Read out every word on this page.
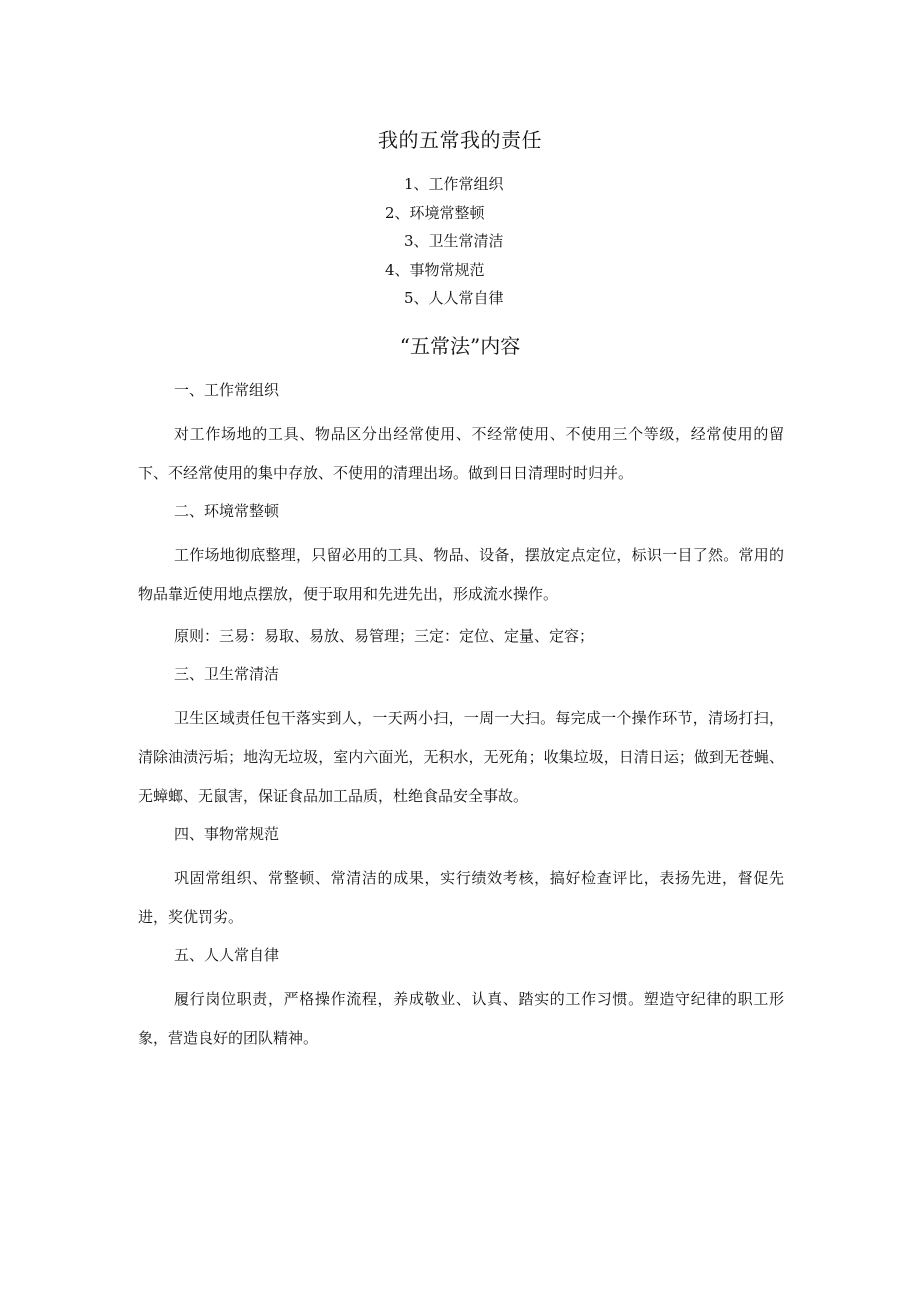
我的五常我的责任
1、工作常组织
2、环境常整顿
3、卫生常清洁
4、事物常规范
5、人人常自律
“五常法”内容

一、工作常组织

对工作场地的工具、物品区分出经常使用、不经常使用、不使用三个等级，经常使用的留下、不经常使用的集中存放、不使用的清理出场。做到日日清理时时归并。

二、环境常整顿

工作场地彻底整理，只留必用的工具、物品、设备，摆放定点定位，标识一目了然。常用的物品靠近使用地点摆放，便于取用和先进先出，形成流水操作。

原则：三易：易取、易放、易管理；三定：定位、定量、定容；

三、卫生常清洁

卫生区域责任包干落实到人，一天两小扫，一周一大扫。每完成一个操作环节，清场打扫，清除油渍污垢；地沟无垃圾，室内六面光，无积水，无死角；收集垃圾，日清日运；做到无苍蝇、无蟑螂、无鼠害，保证食品加工品质，杜绝食品安全事故。

四、事物常规范

巩固常组织、常整顿、常清洁的成果，实行绩效考核，搞好检查评比，表扬先进，督促先进，奖优罚劣。

五、人人常自律

履行岗位职责，严格操作流程，养成敬业、认真、踏实的工作习惯。塑造守纪律的职工形象，营造良好的团队精神。
